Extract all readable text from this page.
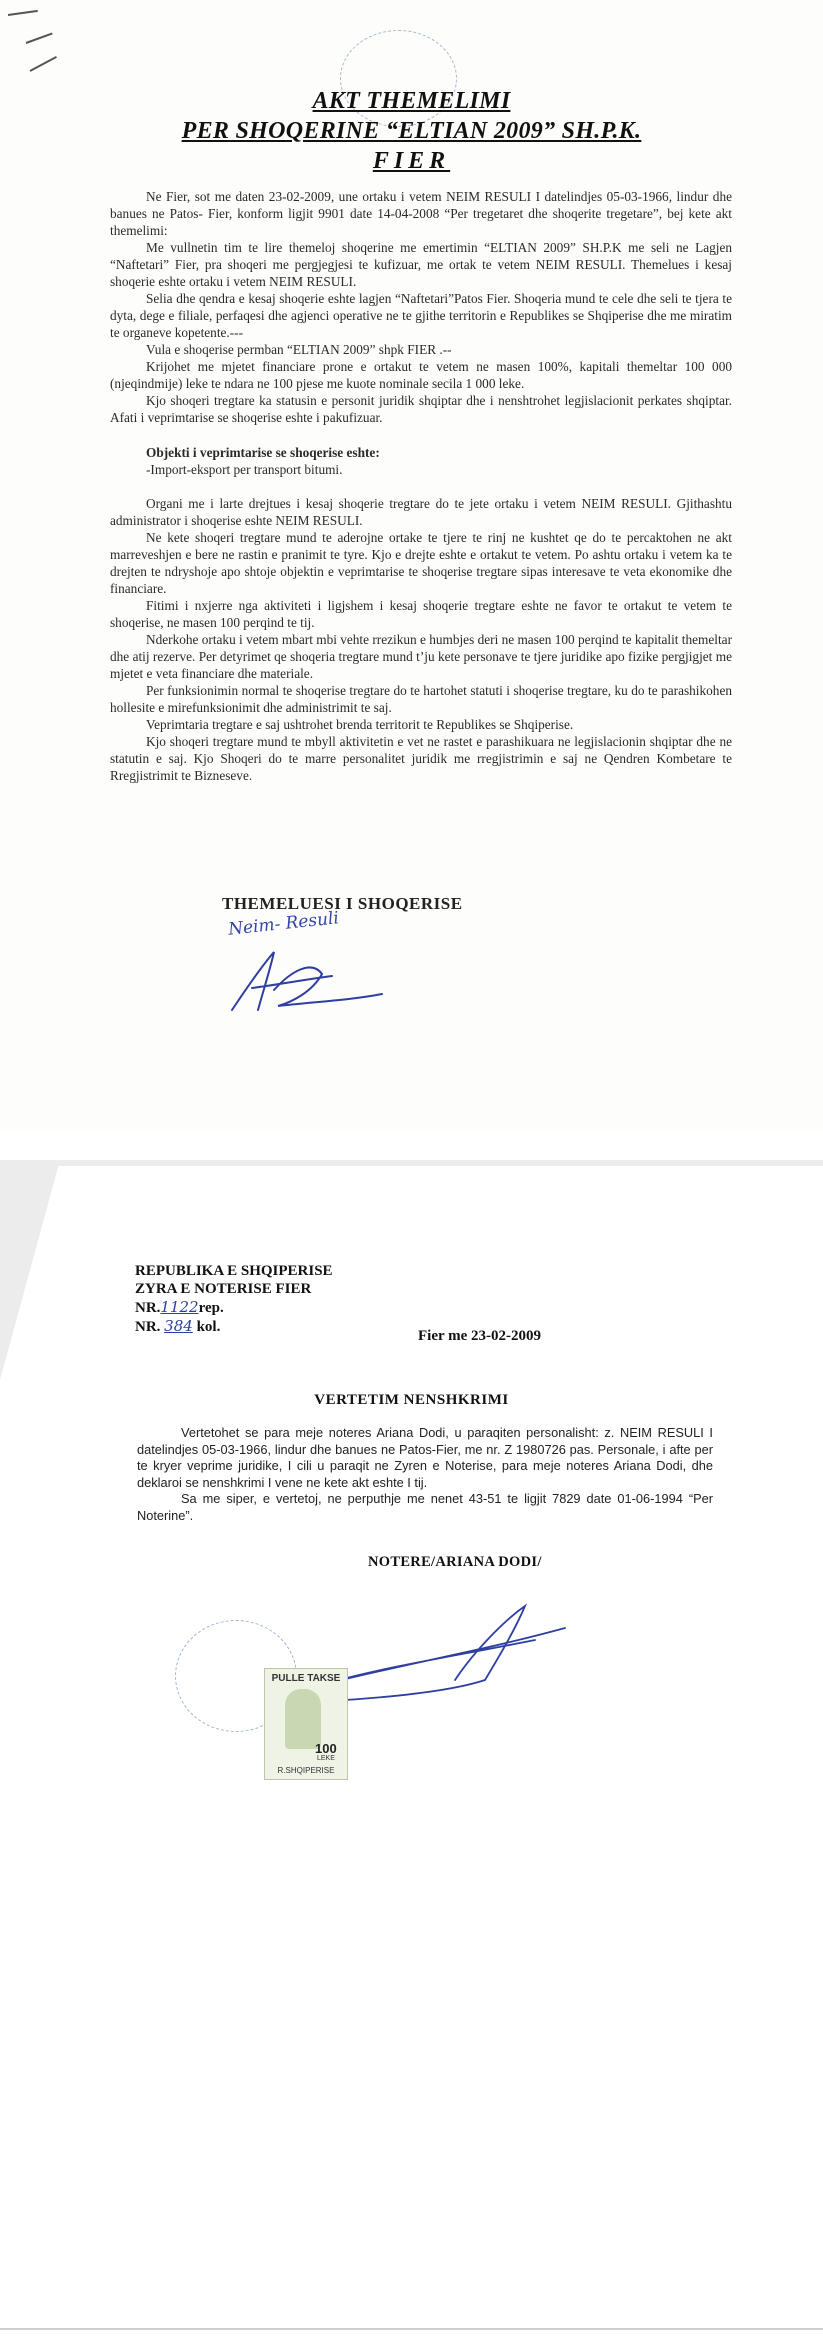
AKT THEMELIMI
PER SHOQERINE “ELTIAN 2009” SH.P.K.
FIER

Ne Fier, sot me daten 23-02-2009, une ortaku i vetem NEIM RESULI I datelindjes 05-03-1966, lindur dhe banues ne Patos- Fier, konform ligjit 9901 date 14-04-2008 “Per tregetaret dhe shoqerite tregetare”, bej kete akt themelimi:

Me vullnetin tim te lire themeloj shoqerine me emertimin “ELTIAN 2009” SH.P.K me seli ne Lagjen “Naftetari” Fier, pra shoqeri me pergjegjesi te kufizuar, me ortak te vetem NEIM RESULI. Themelues i kesaj shoqerie eshte ortaku i vetem NEIM RESULI.

Selia dhe qendra e kesaj shoqerie eshte lagjen “Naftetari”Patos Fier. Shoqeria mund te cele dhe seli te tjera te dyta, dege e filiale, perfaqesi dhe agjenci operative ne te gjithe territorin e Republikes se Shqiperise dhe me miratim te organeve kopetente.---

Vula e shoqerise permban “ELTIAN 2009” shpk FIER .--

Krijohet me mjetet financiare prone e ortakut te vetem ne masen 100%, kapitali themeltar 100 000 (njeqindmije) leke te ndara ne 100 pjese me kuote nominale secila 1 000 leke.

Kjo shoqeri tregtare ka statusin e personit juridik shqiptar dhe i nenshtrohet legjislacionit perkates shqiptar. Afati i veprimtarise se shoqerise eshte i pakufizuar.

Objekti i veprimtarise se shoqerise eshte:

-Import-eksport per transport bitumi.

Organi me i larte drejtues i kesaj shoqerie tregtare do te jete ortaku i vetem NEIM RESULI. Gjithashtu administrator i shoqerise eshte NEIM RESULI.

Ne kete shoqeri tregtare mund te aderojne ortake te tjere te rinj ne kushtet qe do te percaktohen ne akt marreveshjen e bere ne rastin e pranimit te tyre. Kjo e drejte eshte e ortakut te vetem. Po ashtu ortaku i vetem ka te drejten te ndryshoje apo shtoje objektin e veprimtarise te shoqerise tregtare sipas interesave te veta ekonomike dhe financiare.

Fitimi i nxjerre nga aktiviteti i ligjshem i kesaj shoqerie tregtare eshte ne favor te ortakut te vetem te shoqerise, ne masen 100 perqind te tij.

Nderkohe ortaku i vetem mbart mbi vehte rrezikun e humbjes deri ne masen 100 perqind te kapitalit themeltar dhe atij rezerve. Per detyrimet qe shoqeria tregtare mund t’ju kete personave te tjere juridike apo fizike pergjigjet me mjetet e veta financiare dhe materiale.

Per funksionimin normal te shoqerise tregtare do te hartohet statuti i shoqerise tregtare, ku do te parashikohen hollesite e mirefunksionimit dhe administrimit te saj.

Veprimtaria tregtare e saj ushtrohet brenda territorit te Republikes se Shqiperise.

Kjo shoqeri tregtare mund te mbyll aktivitetin e vet ne rastet e parashikuara ne legjislacionin shqiptar dhe ne statutin e saj. Kjo Shoqeri do te marre personalitet juridik me rregjistrimin e saj ne Qendren Kombetare te Rregjistrimit te Bizneseve.

THEMELUESI I SHOQERISE
Neim- Resuli
REPUBLIKA E SHQIPERISE
ZYRA E NOTERISE FIER
NR.1122rep.
NR. 384 kol.
Fier me 23-02-2009
VERTETIM NENSHKRIMI

Vertetohet se para meje noteres Ariana Dodi, u paraqiten personalisht: z. NEIM RESULI I datelindjes 05-03-1966, lindur dhe banues ne Patos-Fier, me nr. Z 1980726 pas. Personale, i afte per te kryer veprime juridike, I cili u paraqit ne Zyren e Noterise, para meje noteres Ariana Dodi, dhe deklaroi se nenshkrimi I vene ne kete akt eshte I tij.

Sa me siper, e vertetoj, ne perputhje me nenet 43-51 te ligjit 7829 date 01-06-1994 “Per Noterine”.

NOTERE/ARIANA DODI/
PULLE TAKSE
100
LEKE
R.SHQIPERISE
